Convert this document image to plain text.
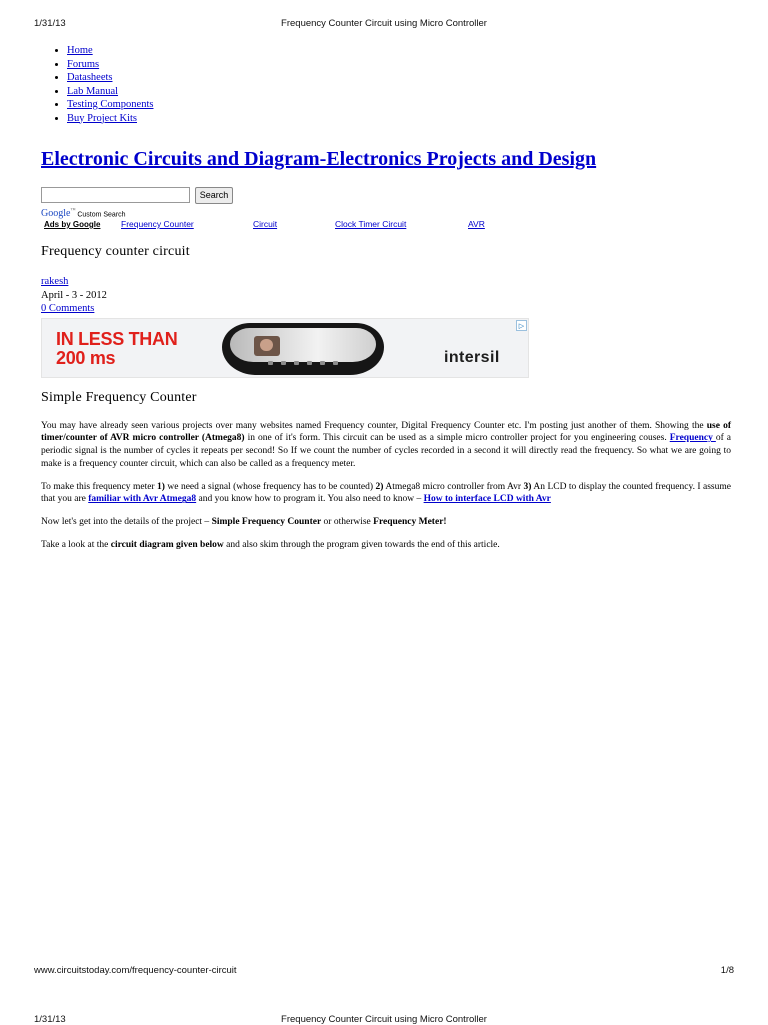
1/31/13	Frequency Counter Circuit using Micro Controller
• Home
• Forums
• Datasheets
• Lab Manual
• Testing Components
• Buy Project Kits
Electronic Circuits and Diagram-Electronics Projects and Design
Search
Google™ Custom Search
Ads by Google Frequency Counter	Circuit	Clock Timer Circuit	AVR
Frequency counter circuit
rakesh
April - 3 - 2012
0 Comments
IN LESS THAN
200 ms	intersil
▷
Simple Frequency Counter

You may have already seen various projects over many websites named Frequency counter, Digital Frequency Counter etc. I'm posting just another of them. Showing the use of timer/counter of AVR micro controller (Atmega8) in one of it's form. This circuit can be used as a simple micro controller project for you engineering couses. Frequency of a periodic signal is the number of cycles it repeats per second! So If we count the number of cycles recorded in a second it will directly read the frequency. So what we are going to make is a frequency counter circuit, which can also be called as a frequency meter.

To make this frequency meter 1) we need a signal (whose frequency has to be counted) 2) Atmega8 micro controller from Avr 3) An LCD to display the counted frequency. I assume that you are familiar with Avr Atmega8 and you know how to program it. You also need to know – How to interface LCD with Avr

Now let's get into the details of the project – Simple Frequency Counter or otherwise Frequency Meter!

Take a look at the circuit diagram given below and also skim through the program given towards the end of this article.

www.circuitstoday.com/frequency-counter-circuit	1/8
1/31/13	Frequency Counter Circuit using Micro Controller
